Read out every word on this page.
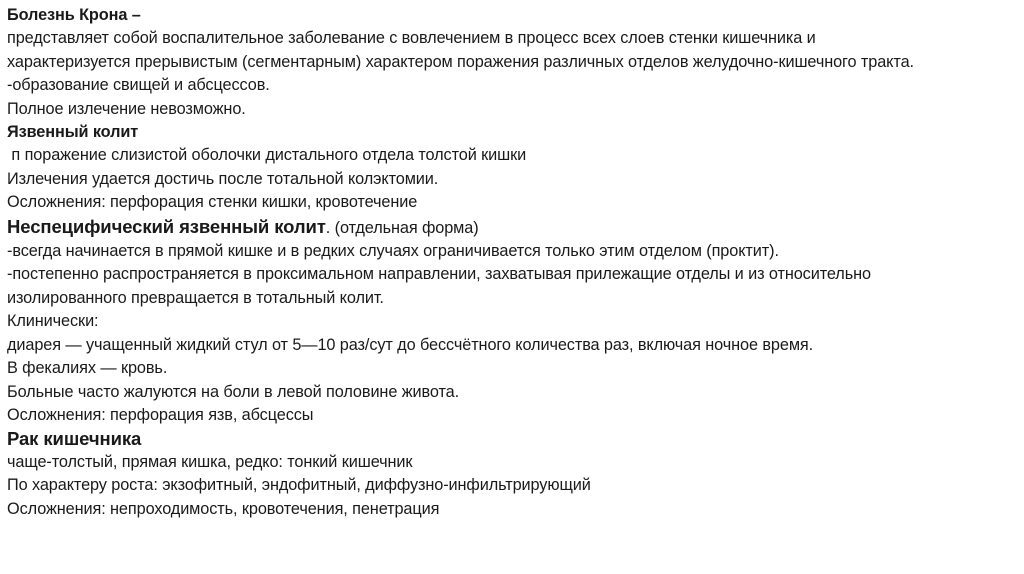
Болезнь Крона –
представляет собой воспалительное заболевание с вовлечением в процесс всех слоев стенки кишечника и
характеризуется прерывистым (сегментарным) характером поражения различных отделов желудочно-кишечного тракта.
-образование свищей и абсцессов.
Полное излечение невозможно.
Язвенный колит
п поражение слизистой оболочки дистального отдела толстой кишки
Излечения удается достичь после тотальной колэктомии.
Осложнения: перфорация стенки кишки, кровотечение
Неспецифический язвенный колит. (отдельная форма)
-всегда начинается в прямой кишке и в редких случаях ограничивается только этим отделом (проктит).
-постепенно распространяется в проксимальном направлении, захватывая прилежащие отделы и из относительно
изолированного превращается в тотальный колит.
Клинически:
диарея — учащенный жидкий стул от 5—10 раз/сут до бессчётного количества раз, включая ночное время.
В фекалиях — кровь.
Больные часто жалуются на боли в левой половине живота.
Осложнения: перфорация язв, абсцессы
Рак кишечника
чаще-толстый, прямая кишка, редко: тонкий кишечник
По характеру роста: экзофитный, эндофитный, диффузно-инфильтрирующий
Осложнения: непроходимость, кровотечения, пенетрация
